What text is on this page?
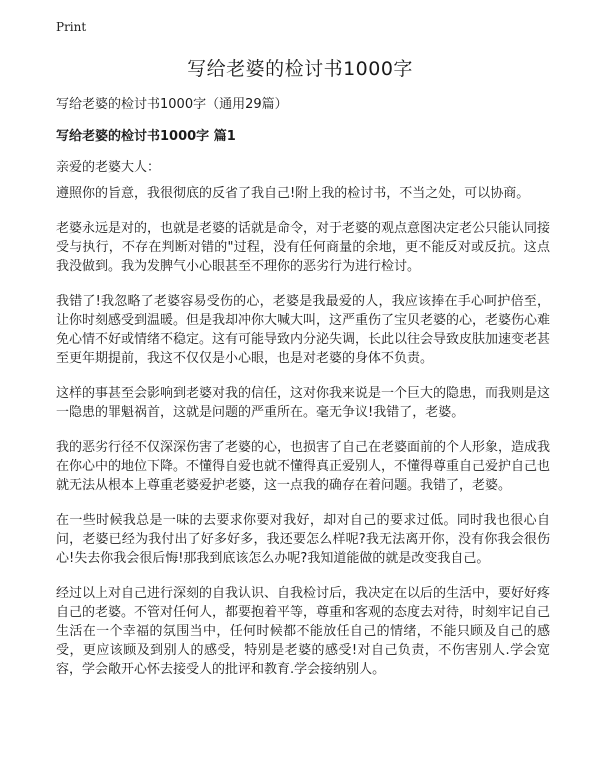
Print
写给老婆的检讨书1000字

写给老婆的检讨书1000字（通用29篇）

写给老婆的检讨书1000字 篇1

亲爱的老婆大人：

遵照你的旨意，我很彻底的反省了我自己!附上我的检讨书，不当之处，可以协商。

老婆永远是对的，也就是老婆的话就是命令，对于老婆的观点意图决定老公只能认同接受与执行，不存在判断对错的"过程，没有任何商量的余地，更不能反对或反抗。这点我没做到。我为发脾气小心眼甚至不理你的恶劣行为进行检讨。

我错了!我忽略了老婆容易受伤的心，老婆是我最爱的人，我应该捧在手心呵护倍至，让你时刻感受到温暖。但是我却冲你大喊大叫，这严重伤了宝贝老婆的心，老婆伤心难免心情不好或情绪不稳定。这有可能导致内分泌失调，长此以往会导致皮肤加速变老甚至更年期提前，我这不仅仅是小心眼，也是对老婆的身体不负责。

这样的事甚至会影响到老婆对我的信任，这对你我来说是一个巨大的隐患，而我则是这一隐患的罪魁祸首，这就是问题的严重所在。毫无争议!我错了，老婆。

我的恶劣行径不仅深深伤害了老婆的心，也损害了自己在老婆面前的个人形象，造成我在你心中的地位下降。不懂得自爱也就不懂得真正爱别人，不懂得尊重自己爱护自己也就无法从根本上尊重老婆爱护老婆，这一点我的确存在着问题。我错了，老婆。

在一些时候我总是一味的去要求你要对我好，却对自己的要求过低。同时我也很心自问，老婆已经为我付出了好多好多，我还要怎么样呢?我无法离开你，没有你我会很伤心!失去你我会很后悔!那我到底该怎么办呢?我知道能做的就是改变我自己。

经过以上对自己进行深刻的自我认识、自我检讨后，我决定在以后的生活中，要好好疼自己的老婆。不管对任何人，都要抱着平等，尊重和客观的态度去对待，时刻牢记自己生活在一个幸福的氛围当中，任何时候都不能放任自己的情绪，不能只顾及自己的感受，更应该顾及到别人的感受，特别是老婆的感受!对自己负责，不伤害别人.学会宽容，学会敞开心怀去接受人的批评和教育.学会接纳别人。
